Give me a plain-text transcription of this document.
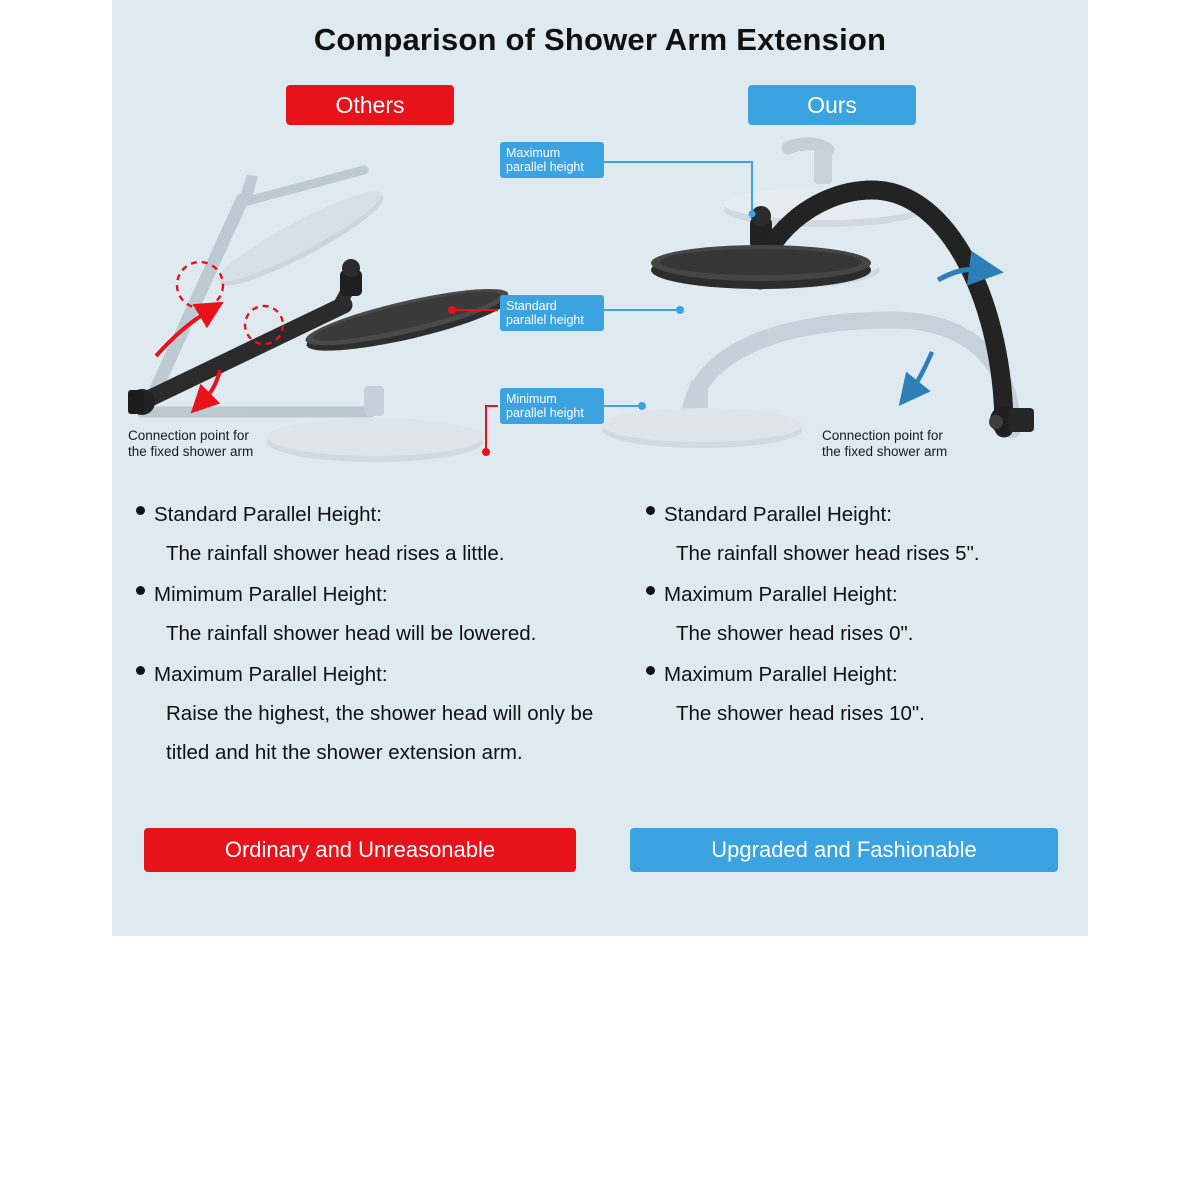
Comparison of Shower Arm Extension
Others	Ours
Maximum
parallel height
Standard
parallel height
Minimum
parallel height
Connection point for
the fixed shower arm
Connection point for
the fixed shower arm
Standard Parallel Height:
The rainfall shower head rises a little.
Mimimum Parallel Height:
The rainfall shower head will be lowered.
Maximum Parallel Height:
Raise the highest, the shower head will only be titled and hit the shower extension arm.
Standard Parallel Height:
The rainfall shower head rises 5".
Maximum Parallel Height:
The shower head rises 0".
Maximum Parallel Height:
The shower head rises 10".
Ordinary and Unreasonable	Upgraded and Fashionable
